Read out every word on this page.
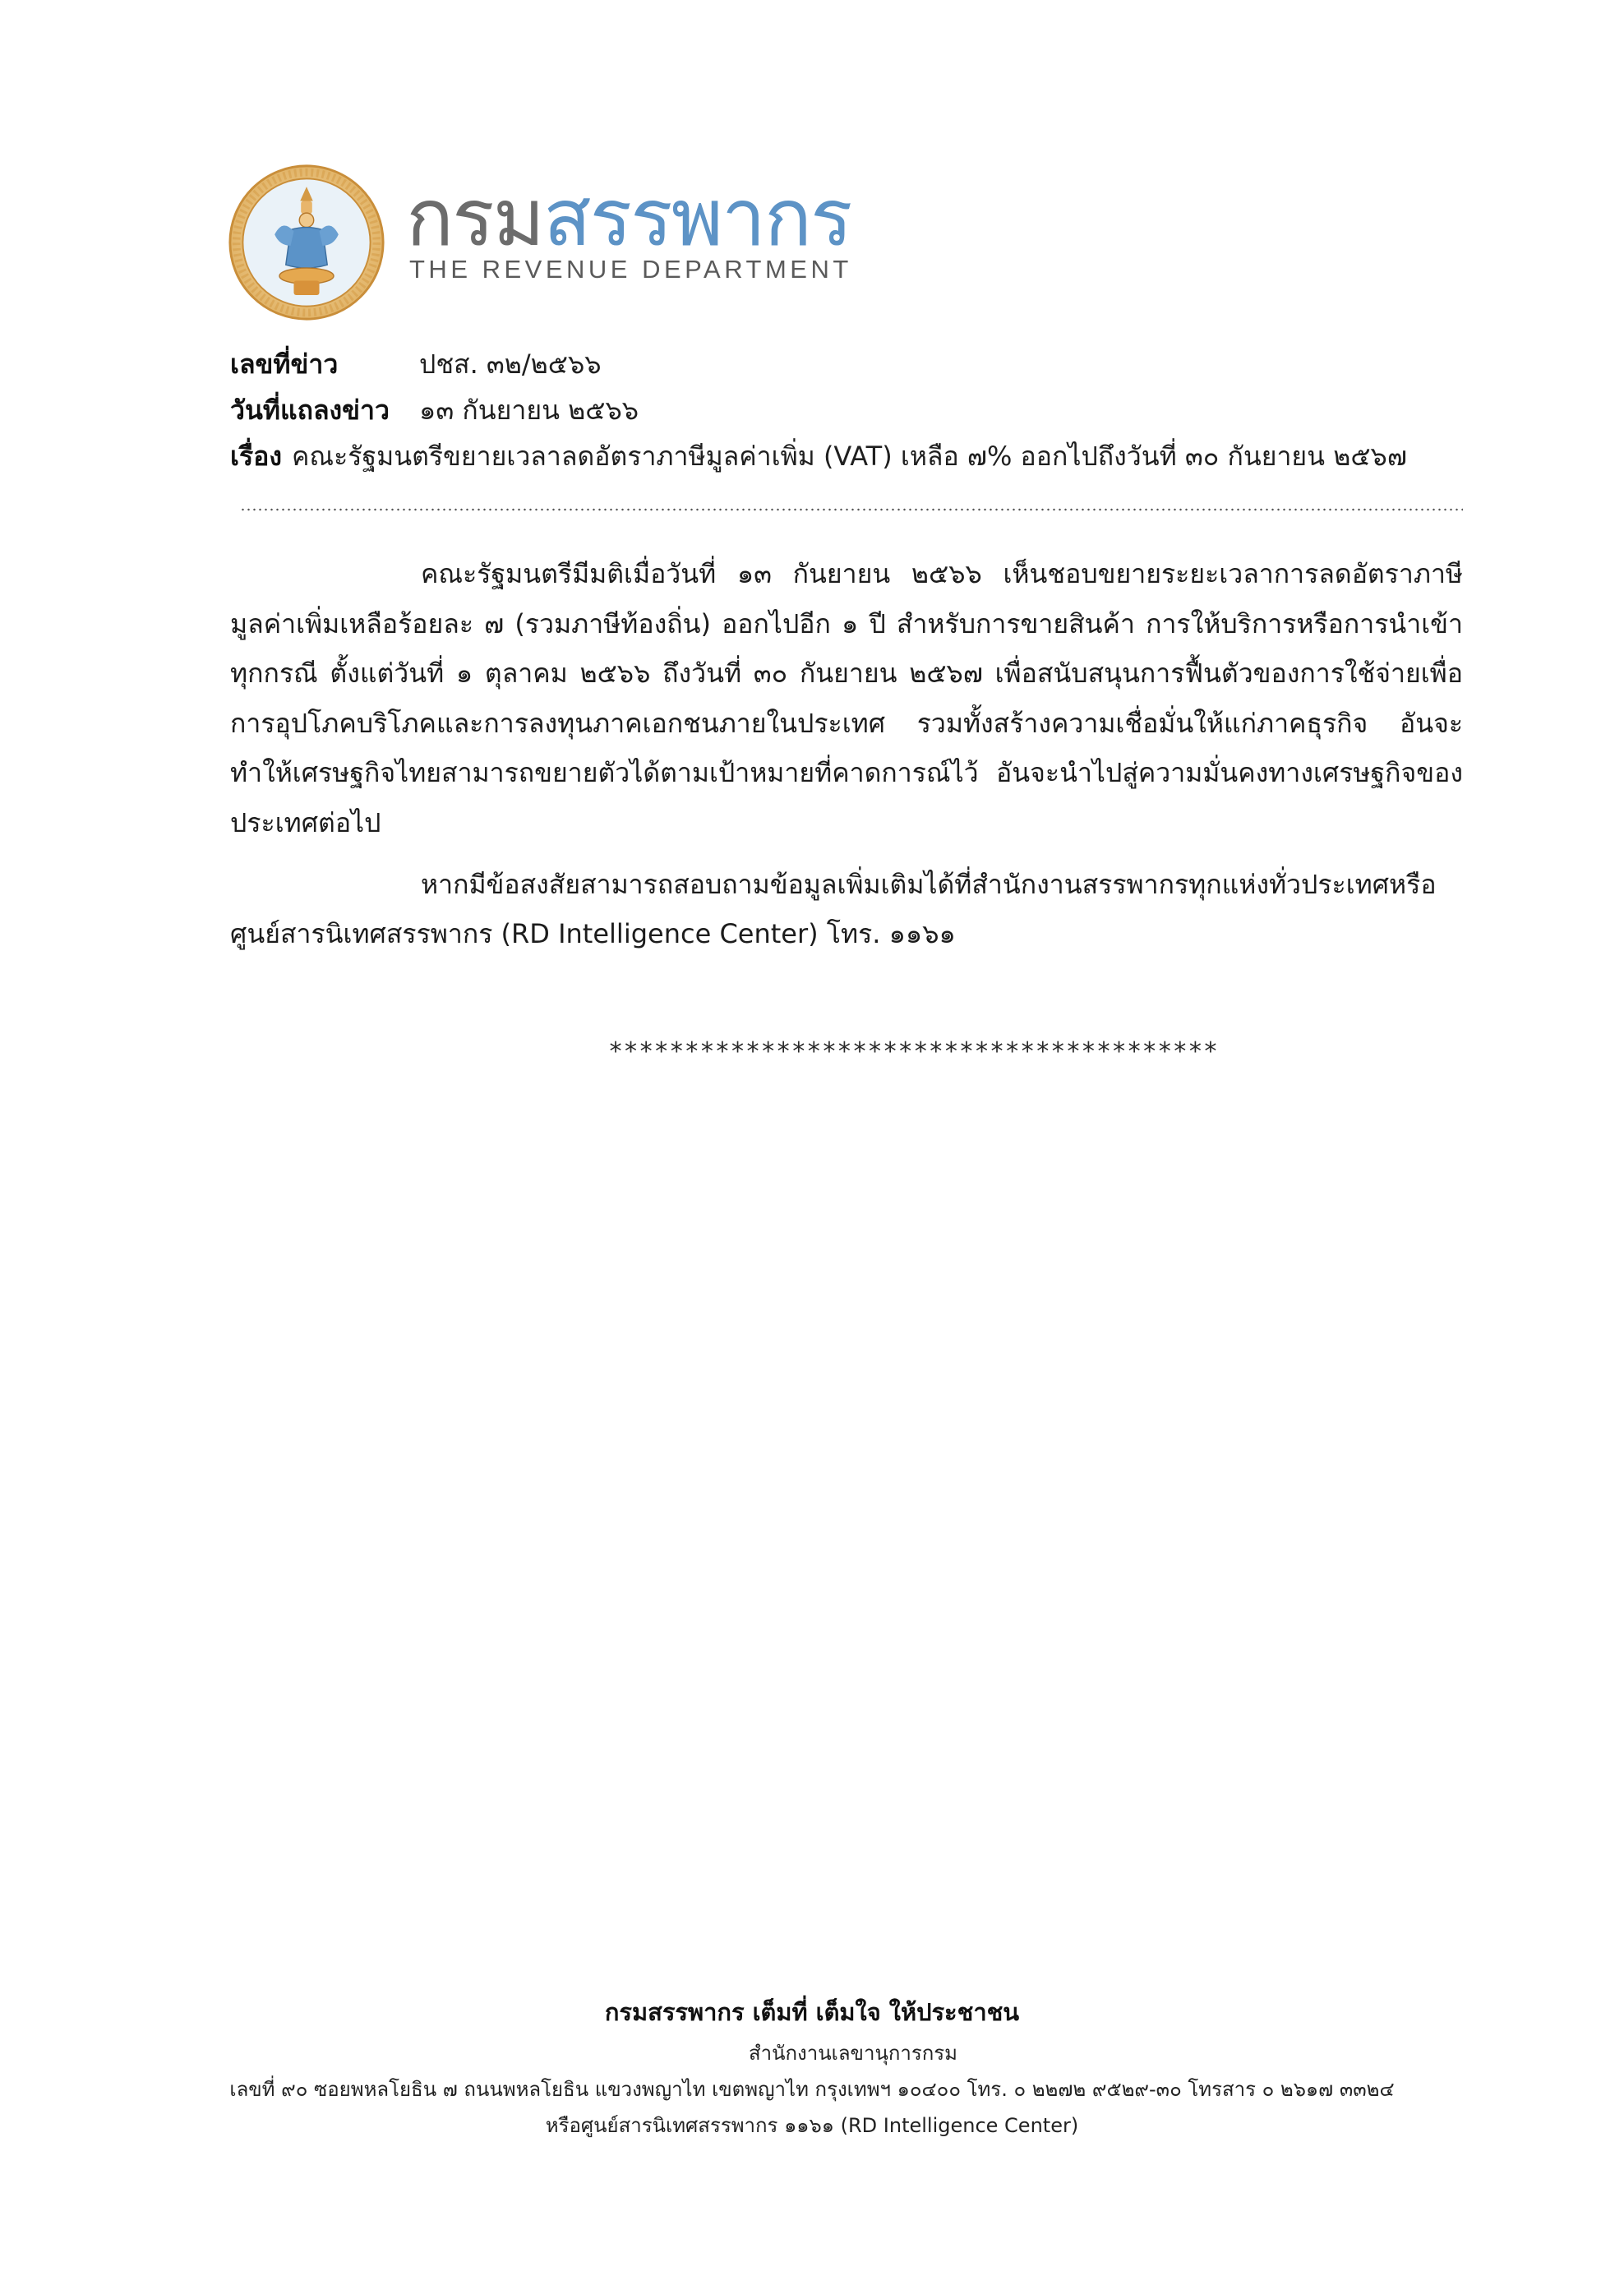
กรมสรรพากร
THE REVENUE DEPARTMENT
เลขที่ข่าว	ปชส. ๓๒/๒๕๖๖
วันที่แถลงข่าว	๑๓ กันยายน ๒๕๖๖
เรื่อง คณะรัฐมนตรีขยายเวลาลดอัตราภาษีมูลค่าเพิ่ม (VAT) เหลือ ๗% ออกไปถึงวันที่ ๓๐ กันยายน ๒๕๖๗

คณะรัฐมนตรีมีมติเมื่อวันที่ ๑๓ กันยายน ๒๕๖๖ เห็นชอบขยายระยะเวลาการลดอัตราภาษีมูลค่าเพิ่มเหลือร้อยละ ๗ (รวมภาษีท้องถิ่น) ออกไปอีก ๑ ปี สำหรับการขายสินค้า การให้บริการหรือการนำเข้าทุกกรณี ตั้งแต่วันที่ ๑ ตุลาคม ๒๕๖๖ ถึงวันที่ ๓๐ กันยายน ๒๕๖๗ เพื่อสนับสนุนการฟื้นตัวของการใช้จ่ายเพื่อการอุปโภคบริโภคและการลงทุนภาคเอกชนภายในประเทศ รวมทั้งสร้างความเชื่อมั่นให้แก่ภาคธุรกิจ อันจะทำให้เศรษฐกิจไทยสามารถขยายตัวได้ตามเป้าหมายที่คาดการณ์ไว้ อันจะนำไปสู่ความมั่นคงทางเศรษฐกิจของประเทศต่อไป

หากมีข้อสงสัยสามารถสอบถามข้อมูลเพิ่มเติมได้ที่สำนักงานสรรพากรทุกแห่งทั่วประเทศหรือศูนย์สารนิเทศสรรพากร (RD Intelligence Center) โทร. ๑๑๖๑

****************************************
กรมสรรพากร เต็มที่ เต็มใจ ให้ประชาชน
สำนักงานเลขานุการกรม
เลขที่ ๙๐ ซอยพหลโยธิน ๗ ถนนพหลโยธิน แขวงพญาไท เขตพญาไท กรุงเทพฯ ๑๐๔๐๐ โทร. ๐ ๒๒๗๒ ๙๕๒๙-๓๐ โทรสาร ๐ ๒๖๑๗ ๓๓๒๔
หรือศูนย์สารนิเทศสรรพากร ๑๑๖๑ (RD Intelligence Center)
